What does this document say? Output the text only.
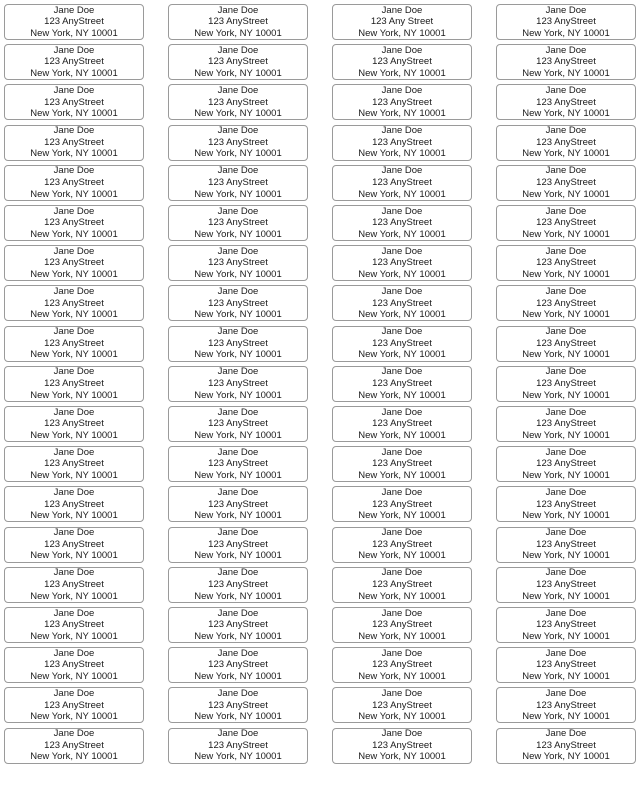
Jane Doe
123 AnyStreet
New York, NY 10001
Jane Doe
123 AnyStreet
New York, NY 10001
Jane Doe
123 Any Street
New York, NY 10001
Jane Doe
123 AnyStreet
New York, NY 10001
Jane Doe
123 AnyStreet
New York, NY 10001
Jane Doe
123 AnyStreet
New York, NY 10001
Jane Doe
123 AnyStreet
New York, NY 10001
Jane Doe
123 AnyStreet
New York, NY 10001
Jane Doe
123 AnyStreet
New York, NY 10001
Jane Doe
123 AnyStreet
New York, NY 10001
Jane Doe
123 AnyStreet
New York, NY 10001
Jane Doe
123 AnyStreet
New York, NY 10001
Jane Doe
123 AnyStreet
New York, NY 10001
Jane Doe
123 AnyStreet
New York, NY 10001
Jane Doe
123 AnyStreet
New York, NY 10001
Jane Doe
123 AnyStreet
New York, NY 10001
Jane Doe
123 AnyStreet
New York, NY 10001
Jane Doe
123 AnyStreet
New York, NY 10001
Jane Doe
123 AnyStreet
New York, NY 10001
Jane Doe
123 AnyStreet
New York, NY 10001
Jane Doe
123 AnyStreet
New York, NY 10001
Jane Doe
123 AnyStreet
New York, NY 10001
Jane Doe
123 AnyStreet
New York, NY 10001
Jane Doe
123 AnyStreet
New York, NY 10001
Jane Doe
123 AnyStreet
New York, NY 10001
Jane Doe
123 AnyStreet
New York, NY 10001
Jane Doe
123 AnyStreet
New York, NY 10001
Jane Doe
123 AnyStreet
New York, NY 10001
Jane Doe
123 AnyStreet
New York, NY 10001
Jane Doe
123 AnyStreet
New York, NY 10001
Jane Doe
123 AnyStreet
New York, NY 10001
Jane Doe
123 AnyStreet
New York, NY 10001
Jane Doe
123 AnyStreet
New York, NY 10001
Jane Doe
123 AnyStreet
New York, NY 10001
Jane Doe
123 AnyStreet
New York, NY 10001
Jane Doe
123 AnyStreet
New York, NY 10001
Jane Doe
123 AnyStreet
New York, NY 10001
Jane Doe
123 AnyStreet
New York, NY 10001
Jane Doe
123 AnyStreet
New York, NY 10001
Jane Doe
123 AnyStreet
New York, NY 10001
Jane Doe
123 AnyStreet
New York, NY 10001
Jane Doe
123 AnyStreet
New York, NY 10001
Jane Doe
123 AnyStreet
New York, NY 10001
Jane Doe
123 AnyStreet
New York, NY 10001
Jane Doe
123 AnyStreet
New York, NY 10001
Jane Doe
123 AnyStreet
New York, NY 10001
Jane Doe
123 AnyStreet
New York, NY 10001
Jane Doe
123 AnyStreet
New York, NY 10001
Jane Doe
123 AnyStreet
New York, NY 10001
Jane Doe
123 AnyStreet
New York, NY 10001
Jane Doe
123 AnyStreet
New York, NY 10001
Jane Doe
123 AnyStreet
New York, NY 10001
Jane Doe
123 AnyStreet
New York, NY 10001
Jane Doe
123 AnyStreet
New York, NY 10001
Jane Doe
123 AnyStreet
New York, NY 10001
Jane Doe
123 AnyStreet
New York, NY 10001
Jane Doe
123 AnyStreet
New York, NY 10001
Jane Doe
123 AnyStreet
New York, NY 10001
Jane Doe
123 AnyStreet
New York, NY 10001
Jane Doe
123 AnyStreet
New York, NY 10001
Jane Doe
123 AnyStreet
New York, NY 10001
Jane Doe
123 AnyStreet
New York, NY 10001
Jane Doe
123 AnyStreet
New York, NY 10001
Jane Doe
123 AnyStreet
New York, NY 10001
Jane Doe
123 AnyStreet
New York, NY 10001
Jane Doe
123 AnyStreet
New York, NY 10001
Jane Doe
123 AnyStreet
New York, NY 10001
Jane Doe
123 AnyStreet
New York, NY 10001
Jane Doe
123 AnyStreet
New York, NY 10001
Jane Doe
123 AnyStreet
New York, NY 10001
Jane Doe
123 AnyStreet
New York, NY 10001
Jane Doe
123 AnyStreet
New York, NY 10001
Jane Doe
123 AnyStreet
New York, NY 10001
Jane Doe
123 AnyStreet
New York, NY 10001
Jane Doe
123 AnyStreet
New York, NY 10001
Jane Doe
123 AnyStreet
New York, NY 10001
